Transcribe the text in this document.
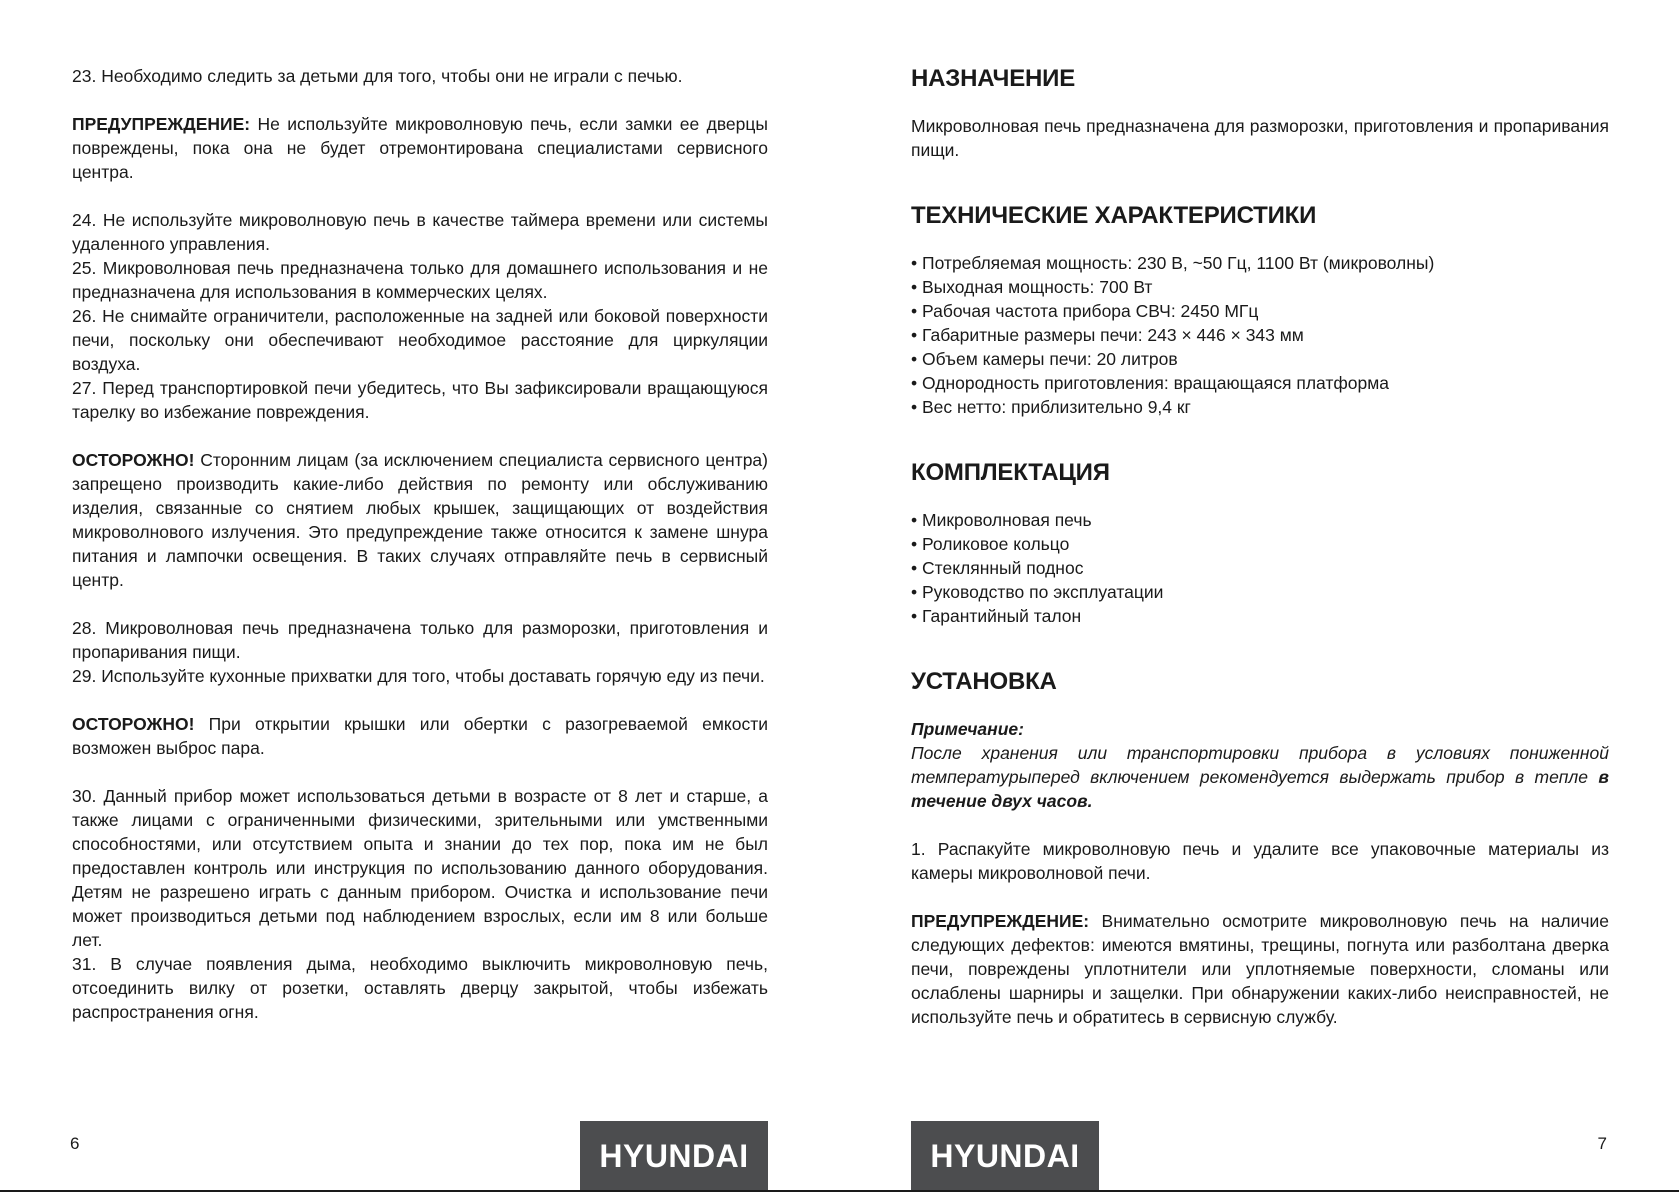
23. Необходимо следить за детьми для того, чтобы они не играли с печью.

ПРЕДУПРЕЖДЕНИЕ: Не используйте микроволновую печь, если замки ее дверцы повреждены, пока она не будет отремонтирована специалистами сервисного центра.

24. Не используйте микроволновую печь в качестве таймера времени или системы удаленного управления.

25. Микроволновая печь предназначена только для домашнего использования и не предназначена для использования в коммерческих целях.

26. Не снимайте ограничители, расположенные на задней или боковой поверхности печи, поскольку они обеспечивают необходимое расстояние для циркуляции воздуха.

27. Перед транспортировкой печи убедитесь, что Вы зафиксировали вращающуюся тарелку во избежание повреждения.

ОСТОРОЖНО! Сторонним лицам (за исключением специалиста сервисного центра) запрещено производить какие-либо действия по ремонту или обслуживанию изделия, связанные со снятием любых крышек, защищающих от воздействия микроволнового излучения. Это предупреждение также относится к замене шнура питания и лампочки освещения. В таких случаях отправляйте печь в сервисный центр.

28. Микроволновая печь предназначена только для разморозки, приготовления и пропаривания пищи.

29. Используйте кухонные прихватки для того, чтобы доставать горячую еду из печи.

ОСТОРОЖНО! При открытии крышки или обертки с разогреваемой емкости возможен выброс пара.

30. Данный прибор может использоваться детьми в возрасте от 8 лет и старше, а также лицами с ограниченными физическими, зрительными или умственными способностями, или отсутствием опыта и знании до тех пор, пока им не был предоставлен контроль или инструкция по использованию данного оборудования. Детям не разрешено играть с данным прибором. Очистка и использование печи может производиться детьми под наблюдением взрослых, если им 8 или больше лет.

31. В случае появления дыма, необходимо выключить микроволновую печь, отсоединить вилку от розетки, оставлять дверцу закрытой, чтобы избежать распространения огня.

6	HYUNDAI
НАЗНАЧЕНИЕ

Микроволновая печь предназначена для разморозки, приготовления и пропаривания пищи.

ТЕХНИЧЕСКИЕ ХАРАКТЕРИСТИКИ
• Потребляемая мощность: 230 В, ~50 Гц, 1100 Вт (микроволны)
• Выходная мощность: 700 Вт
• Рабочая частота прибора СВЧ: 2450 МГц
• Габаритные размеры печи: 243 × 446 × 343 мм
• Объем камеры печи: 20 литров
• Однородность приготовления: вращающаяся платформа
• Вес нетто: приблизительно 9,4 кг
КОМПЛЕКТАЦИЯ
• Микроволновая печь
• Роликовое кольцо
• Стеклянный поднос
• Руководство по эксплуатации
• Гарантийный талон
УСТАНОВКА

Примечание:

После хранения или транспортировки прибора в условиях пониженной температурыперед включением рекомендуется выдержать прибор в тепле в течение двух часов.

1. Распакуйте микроволновую печь и удалите все упаковочные материалы из камеры микроволновой печи.

ПРЕДУПРЕЖДЕНИЕ: Внимательно осмотрите микроволновую печь на наличие следующих дефектов: имеются вмятины, трещины, погнута или разболтана дверка печи, повреждены уплотнители или уплотняемые поверхности, сломаны или ослаблены шарниры и защелки. При обнаружении каких-либо неисправностей, не используйте печь и обратитесь в сервисную службу.

HYUNDAI	7
